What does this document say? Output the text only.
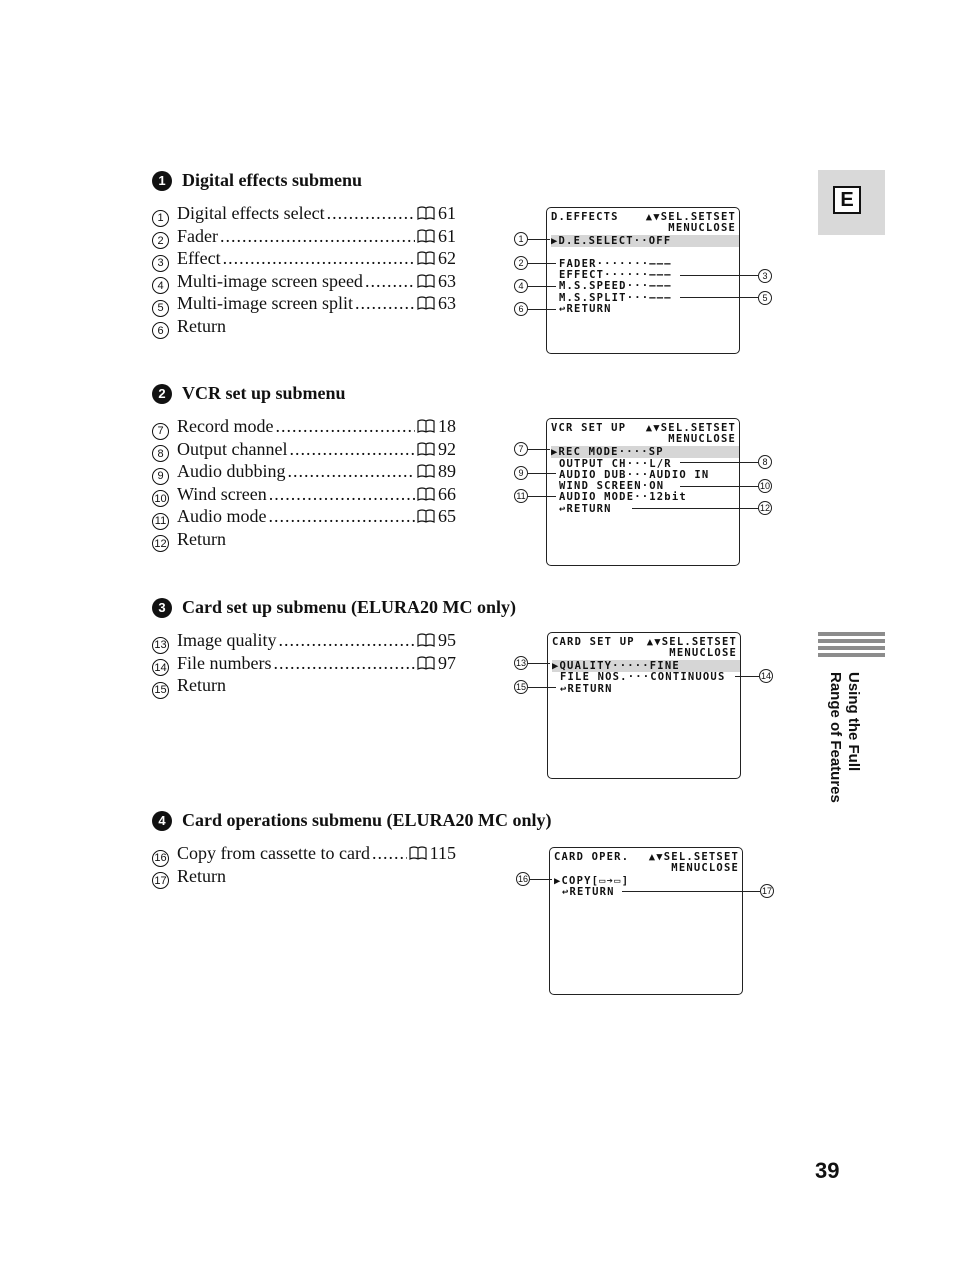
1 Digital effects submenu
1 Digital effects select .....	61
2 Fader .....	61
3 Effect .....	62
4 Multi-image screen speed .....	63
5 Multi-image screen split .....	63
6 Return
D.EFFECTS	▲▼SEL.SETSET
MENUCLOSE
▶D.E.SELECT··OFF
FADER·······–––
EFFECT······–––
M.S.SPEED···–––
M.S.SPLIT···–––
↩RETURN
1
2
4
6
3
5
2 VCR set up submenu
7 Record mode .....	18
8 Output channel .....	92
9 Audio dubbing .....	89
10 Wind screen .....	66
11 Audio mode .....	65
12 Return
VCR SET UP ▲▼SEL.SETSET
MENUCLOSE
▶REC MODE····SP
OUTPUT CH···L/R
AUDIO DUB···AUDIO IN
WIND SCREEN·ON
AUDIO MODE··12bit
↩RETURN
7
9
11
8
10
12
3 Card set up submenu (ELURA20 MC only)
13 Image quality .....	95
14 File numbers .....	97
15 Return
CARD SET UP ▲▼SEL.SETSET
MENUCLOSE
▶QUALITY·····FINE
FILE NOS.···CONTINUOUS
↩RETURN
13
15
14
4 Card operations submenu (ELURA20 MC only)
16 Copy from cassette to card .....	115
17 Return
CARD OPER. ▲▼SEL.SETSET
MENUCLOSE
▶COPY[▭➔▭]
↩RETURN
16
17
E
Using the Full
Range of Features
39
